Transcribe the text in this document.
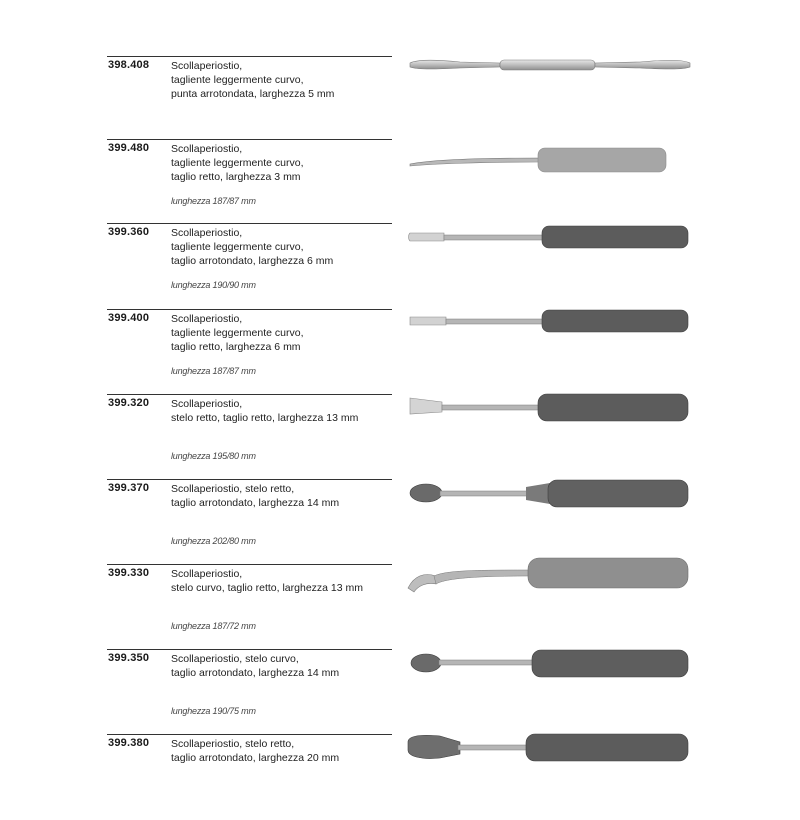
398.408 Scollaperiostio,
tagliente leggermente curvo,
punta arrotondata, larghezza 5 mm
399.480 Scollaperiostio,
tagliente leggermente curvo,
taglio retto, larghezza 3 mm
lunghezza 187/87 mm
399.360 Scollaperiostio,
tagliente leggermente curvo,
taglio arrotondato, larghezza 6 mm
lunghezza 190/90 mm
399.400 Scollaperiostio,
tagliente leggermente curvo,
taglio retto, larghezza 6 mm
lunghezza 187/87 mm
399.320 Scollaperiostio,
stelo retto, taglio retto, larghezza 13 mm
lunghezza 195/80 mm
399.370 Scollaperiostio, stelo retto,
taglio arrotondato, larghezza 14 mm
lunghezza 202/80 mm
399.330 Scollaperiostio,
stelo curvo, taglio retto, larghezza 13 mm
lunghezza 187/72 mm
399.350 Scollaperiostio, stelo curvo,
taglio arrotondato, larghezza 14 mm
lunghezza 190/75 mm
399.380 Scollaperiostio, stelo retto,
taglio arrotondato, larghezza 20 mm
